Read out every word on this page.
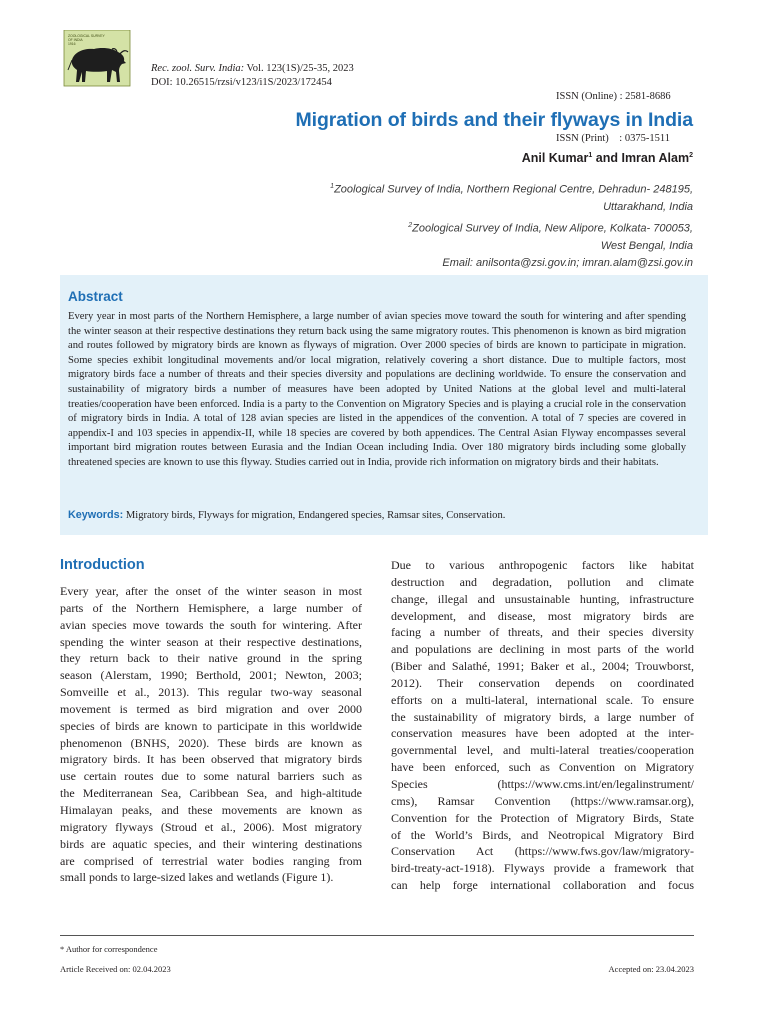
ZOOLOGICAL SURVEY
OF INDIA
1916
Rec. zool. Surv. India: Vol. 123(1S)/25-35, 2023
DOI: 10.26515/rzsi/v123/i1S/2023/172454

ISSN (Online) : 2581-8686

ISSN (Print)    : 0375-1511

Migration of birds and their flyways in India
Anil Kumar$^1$ and Imran Alam$^2$
$^1$Zoological Survey of India, Northern Regional Centre, Dehradun- 248195,
Uttarakhand, India
$^2$Zoological Survey of India, New Alipore, Kolkata- 700053,
West Bengal, India
Email: anilsonta@zsi.gov.in; imran.alam@zsi.gov.in
Abstract
Every year in most parts of the Northern Hemisphere, a large number of avian species move toward the south for wintering and after spending the winter season at their respective destinations they return back using the same migratory routes. This phenomenon is known as bird migration and routes followed by migratory birds are known as flyways of migration. Over 2000 species of birds are known to participate in migration. Some species exhibit longitudinal movements and/or local migration, relatively covering a short distance. Due to multiple factors, most migratory birds face a number of threats and their species diversity and populations are declining worldwide. To ensure the conservation and sustainability of migratory birds a number of measures have been adopted by United Nations at the global level and multi-lateral treaties/cooperation have been enforced. India is a party to the Convention on Migratory Species and is playing a crucial role in the conservation of migratory birds in India. A total of 128 avian species are listed in the appendices of the convention. A total of 7 species are covered in appendix-I and 103 species in appendix-II, while 18 species are covered by both appendices. The Central Asian Flyway encompasses several important bird migration routes between Eurasia and the Indian Ocean including India. Over 180 migratory birds including some globally threatened species are known to use this flyway. Studies carried out in India, provide rich information on migratory birds and their habitats.
Keywords: Migratory birds, Flyways for migration, Endangered species, Ramsar sites, Conservation.
Introduction
Every year, after the onset of the winter season in most
parts of the Northern Hemisphere, a large number of
avian species move towards the south for wintering. After
spending the winter season at their respective destinations,
they return back to their native ground in the spring
season (Alerstam, 1990; Berthold, 2001; Newton, 2003;
Somveille et al., 2013). This regular two-way seasonal
movement is termed as bird migration and over 2000
species of birds are known to participate in this worldwide
phenomenon (BNHS, 2020). These birds are known as
migratory birds. It has been observed that migratory birds
use certain routes due to some natural barriers such as
the Mediterranean Sea, Caribbean Sea, and high-altitude
Himalayan peaks, and these movements are known as
migratory flyways (Stroud et al., 2006). Most migratory
birds are aquatic species, and their wintering destinations
are comprised of terrestrial water bodies ranging from
small ponds to large-sized lakes and wetlands (Figure 1).
Due to various anthropogenic factors like habitat
destruction and degradation, pollution and climate
change, illegal and unsustainable hunting, infrastructure
development, and disease, most migratory birds are
facing a number of threats, and their species diversity
and populations are declining in most parts of the world
(Biber and Salathé, 1991; Baker et al., 2004; Trouwborst,
2012). Their conservation depends on coordinated
efforts on a multi-lateral, international scale. To ensure
the sustainability of migratory birds, a large number of
conservation measures have been adopted at the inter-
governmental level, and multi-lateral treaties/cooperation
have been enforced, such as Convention on Migratory
Species (https://www.cms.int/en/legalinstrument/
cms), Ramsar Convention (https://www.ramsar.org),
Convention for the Protection of Migratory Birds, State
of the World’s Birds, and Neotropical Migratory Bird
Conservation Act (https://www.fws.gov/law/migratory-
bird-treaty-act-1918). Flyways provide a framework that
can help forge international collaboration and focus
* Author for correspondence
Article Received on: 02.04.2023	Accepted on: 23.04.2023
